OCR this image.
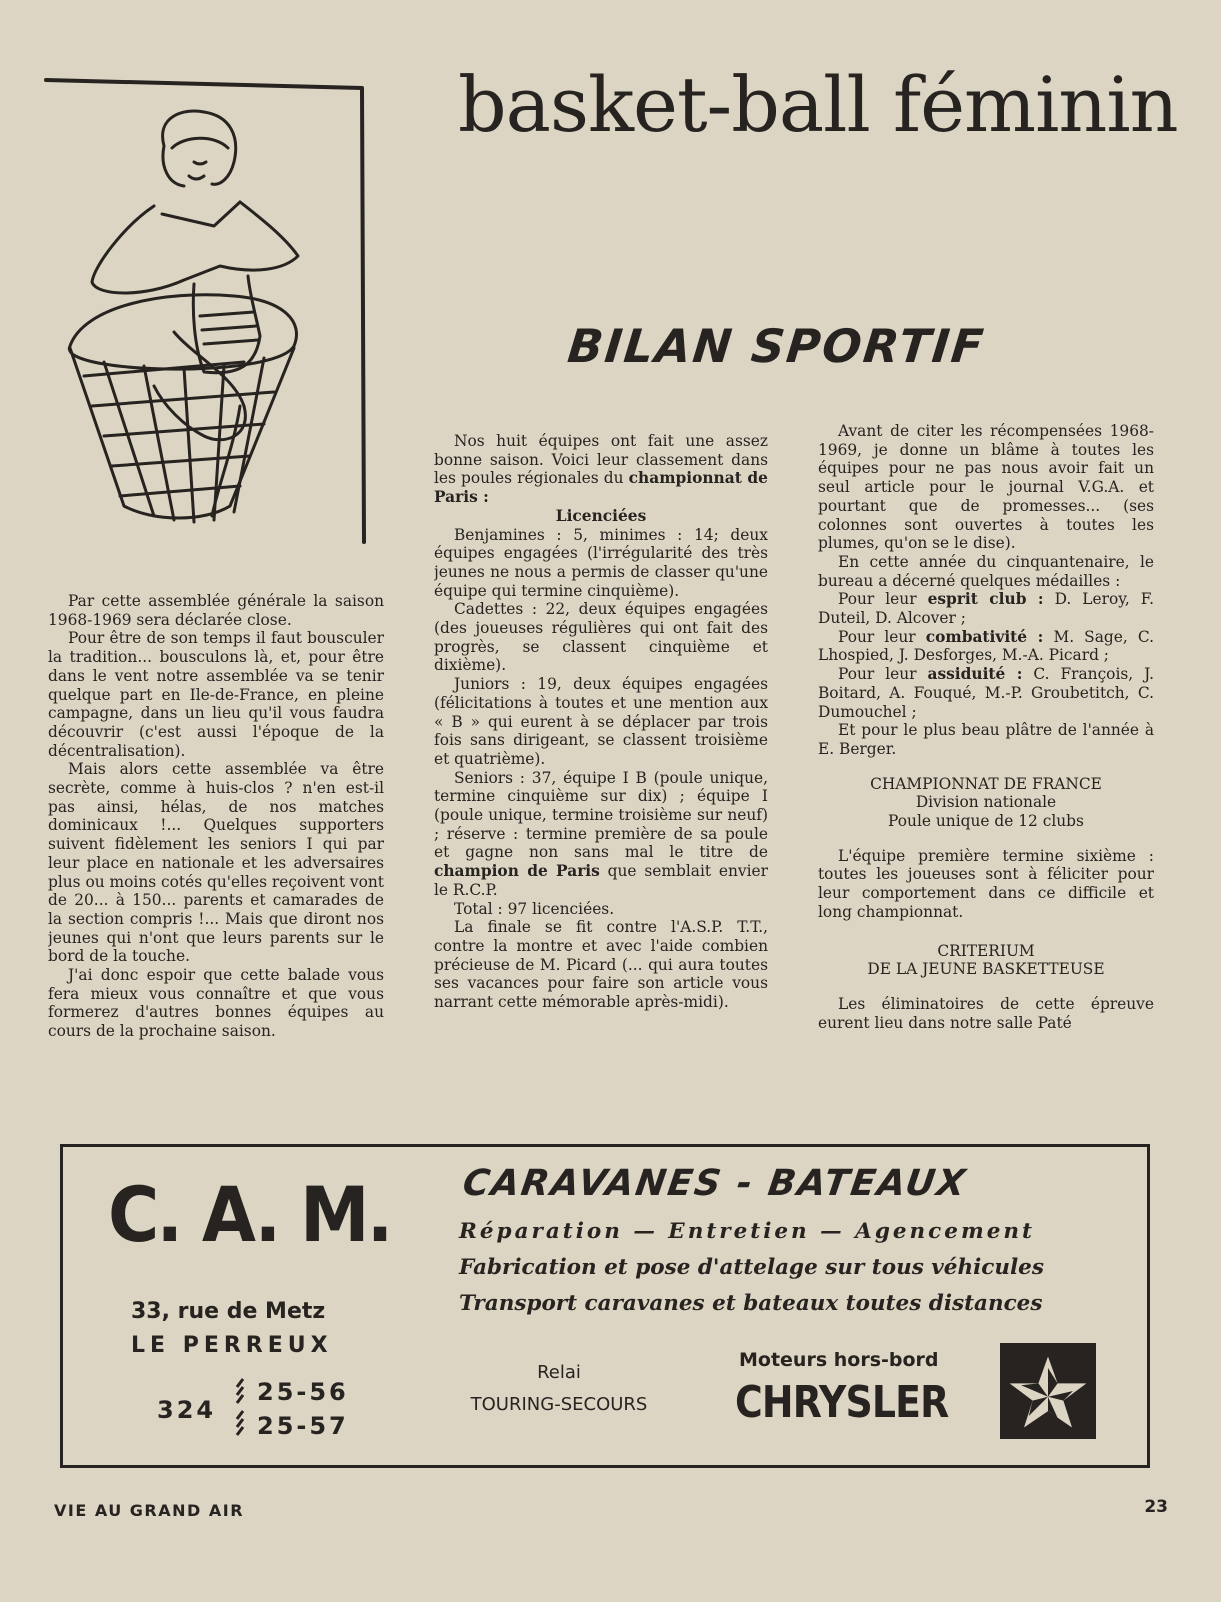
basket-ball féminin
BILAN SPORTIF

Par cette assemblée générale la saison 1968-1969 sera déclarée close.

Pour être de son temps il faut bousculer la tradition... bousculons là, et, pour être dans le vent notre assemblée va se tenir quelque part en Ile-de-France, en pleine campagne, dans un lieu qu'il vous faudra découvrir (c'est aussi l'époque de la décentralisation).

Mais alors cette assemblée va être secrète, comme à huis-clos ? n'en est-il pas ainsi, hélas, de nos matches dominicaux !... Quelques supporters suivent fidèlement les seniors I qui par leur place en nationale et les adversaires plus ou moins cotés qu'elles reçoivent vont de 20... à 150... parents et camarades de la section compris !... Mais que diront nos jeunes qui n'ont que leurs parents sur le bord de la touche.

J'ai donc espoir que cette balade vous fera mieux vous connaître et que vous formerez d'autres bonnes équipes au cours de la prochaine saison.

Nos huit équipes ont fait une assez bonne saison. Voici leur classement dans les poules régionales du championnat de Paris :

Licenciées

Benjamines : 5, minimes : 14; deux équipes engagées (l'irrégularité des très jeunes ne nous a permis de classer qu'une équipe qui termine cinquième).

Cadettes : 22, deux équipes engagées (des joueuses régulières qui ont fait des progrès, se classent cinquième et dixième).

Juniors : 19, deux équipes engagées (félicitations à toutes et une mention aux « B » qui eurent à se déplacer par trois fois sans dirigeant, se classent troisième et quatrième).

Seniors : 37, équipe I B (poule unique, termine cinquième sur dix) ; équipe I (poule unique, termine troisième sur neuf) ; réserve : termine première de sa poule et gagne non sans mal le titre de champion de Paris que semblait envier le R.C.P.

Total : 97 licenciées.

La finale se fit contre l'A.S.P. T.T., contre la montre et avec l'aide combien précieuse de M. Picard (... qui aura toutes ses vacances pour faire son article vous narrant cette mémorable après-midi).

Avant de citer les récompensées 1968-1969, je donne un blâme à toutes les équipes pour ne pas nous avoir fait un seul article pour le journal V.G.A. et pourtant que de promesses... (ses colonnes sont ouvertes à toutes les plumes, qu'on se le dise).

En cette année du cinquantenaire, le bureau a décerné quelques médailles :

Pour leur esprit club : D. Leroy, F. Duteil, D. Alcover ;

Pour leur combativité : M. Sage, C. Lhospied, J. Desforges, M.-A. Picard ;

Pour leur assiduité : C. François, J. Boitard, A. Fouqué, M.-P. Groubetitch, C. Dumouchel ;

Et pour le plus beau plâtre de l'année à E. Berger.

CHAMPIONNAT DE FRANCE

Division nationale

Poule unique de 12 clubs

L'équipe première termine sixième : toutes les joueuses sont à féliciter pour leur comportement dans ce difficile et long championnat.

CRITERIUM

DE LA JEUNE BASKETTEUSE

Les éliminatoires de cette épreuve eurent lieu dans notre salle Paté

C. A. M.
33, rue de Metz
LE PERREUX
324
25-56
25-57
CARAVANES - BATEAUX
Réparation — Entretien — Agencement
Fabrication et pose d'attelage sur tous véhicules
Transport caravanes et bateaux toutes distances
Relai
TOURING-SECOURS
Moteurs hors-bord
CHRYSLER
VIE AU GRAND AIR	23
